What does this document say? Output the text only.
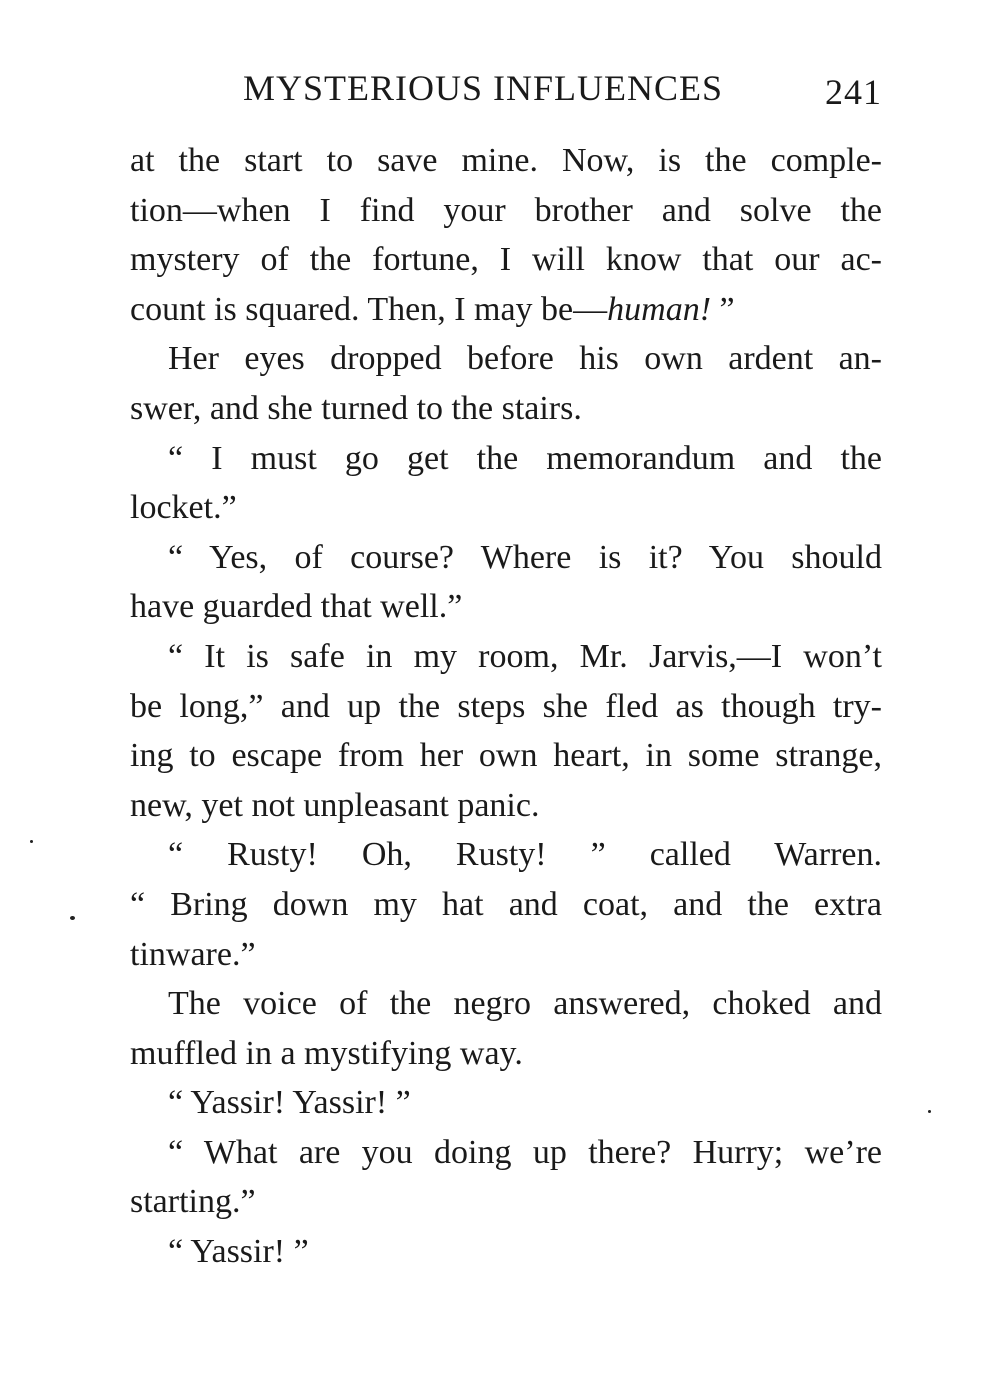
MYSTERIOUS INFLUENCES	241

at the start to save mine. Now, is the comple-
tion—when I find your brother and solve the
mystery of the fortune, I will know that our ac-
count is squared. Then, I may be—human! ”

Her eyes dropped before his own ardent an-
swer, and she turned to the stairs.

“ I must go get the memorandum and the
locket.”

“ Yes, of course? Where is it? You should
have guarded that well.”

“ It is safe in my room, Mr. Jarvis,—I won’t
be long,” and up the steps she fled as though try-
ing to escape from her own heart, in some strange,
new, yet not unpleasant panic.

“ Rusty! Oh, Rusty! ” called Warren.
“ Bring down my hat and coat, and the extra
tinware.”

The voice of the negro answered, choked and
muffled in a mystifying way.

“ Yassir! Yassir! ”

“ What are you doing up there? Hurry; we’re
starting.”

“ Yassir! ”
